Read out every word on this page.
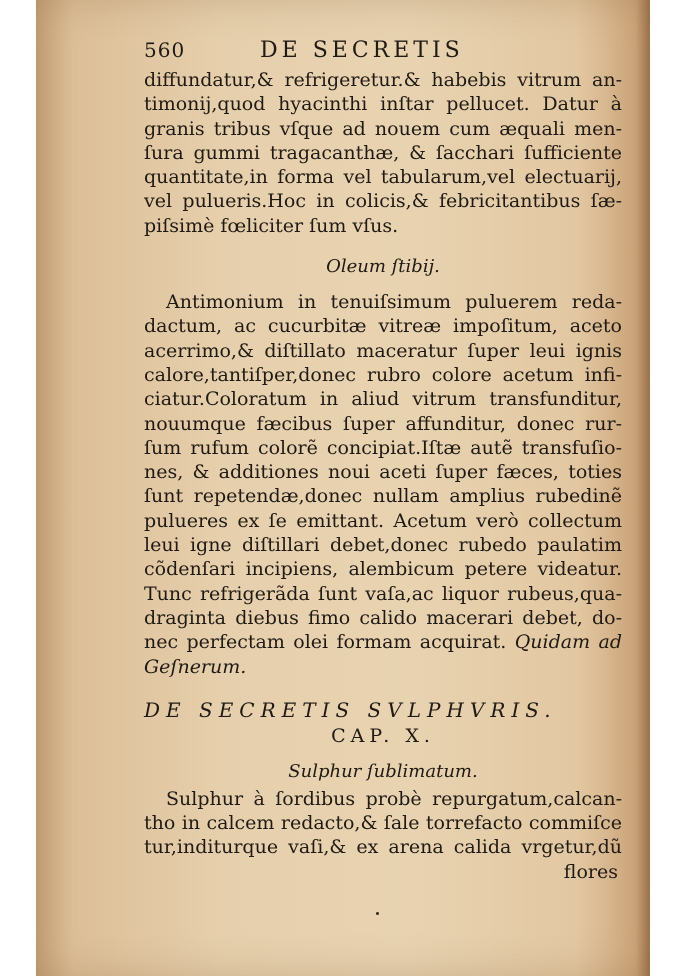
560	DE SECRETIS
diffundatur,& refrigeretur.& habebis vitrum an-
timonij,quod hyacinthi inſtar pellucet. Datur à
granis tribus vſque ad nouem cum æquali men-
ſura gummi tragacanthæ, & ſacchari ſufficiente
quantitate,in forma vel tabularum,vel electuarij,
vel pulueris.Hoc in colicis,& febricitantibus ſæ-
piſsimè fœliciter ſum vſus.
Oleum ſtibij.
Antimonium in tenuiſsimum puluerem reda-
dactum, ac cucurbitæ vitreæ impoſitum, aceto
acerrimo,& diſtillato maceratur ſuper leui ignis
calore,tantiſper,donec rubro colore acetum infi-
ciatur.Coloratum in aliud vitrum transfunditur,
nouumque fæcibus ſuper affunditur, donec rur-
ſum rufum colorẽ concipiat.Iſtæ autẽ transfuſio-
nes, & additiones noui aceti ſuper fæces, toties
ſunt repetendæ,donec nullam amplius rubedinẽ
pulueres ex ſe emittant. Acetum verò collectum
leui igne diſtillari debet,donec rubedo paulatim
cõdenſari incipiens, alembicum petere videatur.
Tunc refrigerãda ſunt vaſa,ac liquor rubeus,qua-
draginta diebus fimo calido macerari debet, do-
nec perfectam olei formam acquirat. Quidam ad
Geſnerum.
DE SECRETIS SVLPHVRIS.
CAP. X.
Sulphur ſublimatum.
Sulphur à ſordibus probè repurgatum,calcan-
tho in calcem redacto,& ſale torrefacto commiſce
tur,inditurque vaſi,& ex arena calida vrgetur,dũ
flores
